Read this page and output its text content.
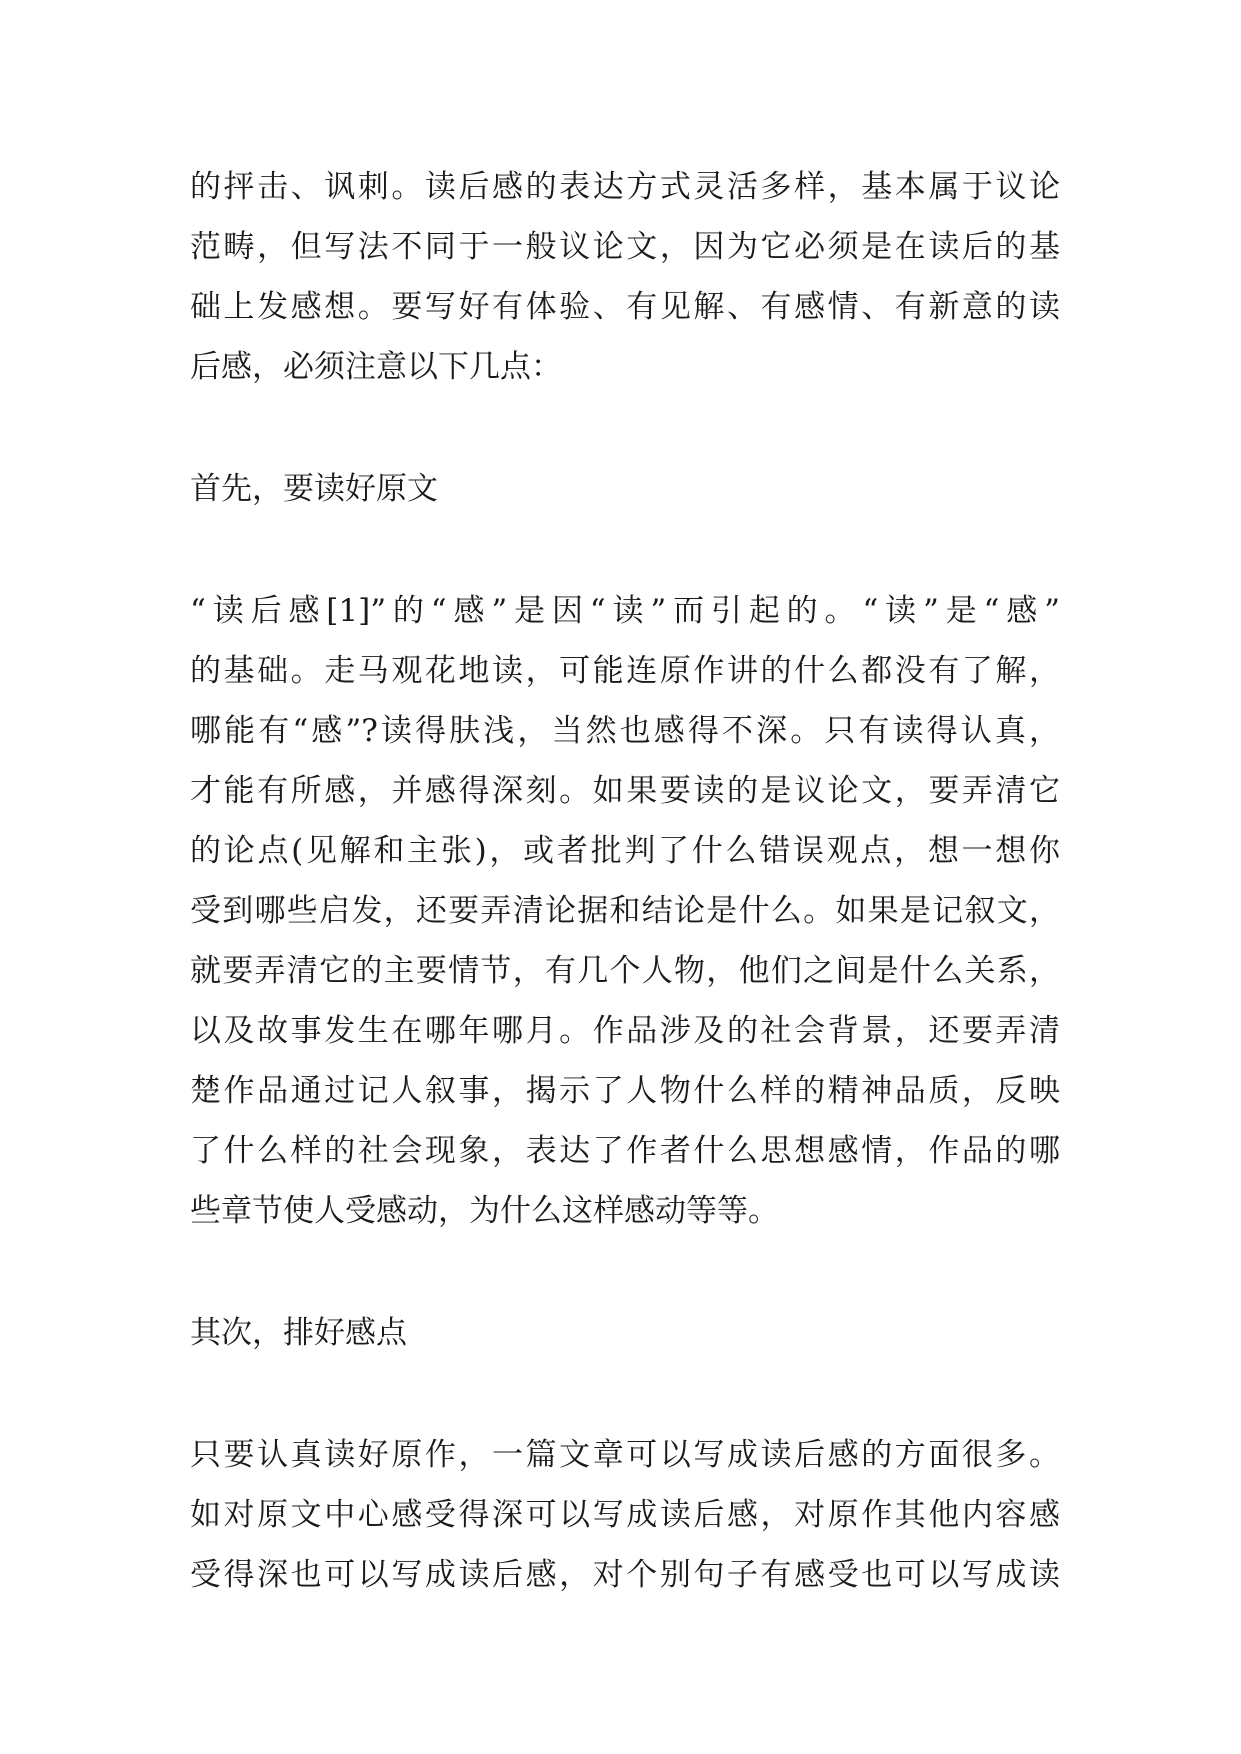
的抨击、讽刺。读后感的表达方式灵活多样，基本属于议论
范畴，但写法不同于一般议论文，因为它必须是在读后的基
础上发感想。要写好有体验、有见解、有感情、有新意的读
后感，必须注意以下几点：
首先，要读好原文
“读后感[1]”的“感”是因“读”而引起的。“读”是“感”
的基础。走马观花地读，可能连原作讲的什么都没有了解，
哪能有“感”?读得肤浅，当然也感得不深。只有读得认真，
才能有所感，并感得深刻。如果要读的是议论文，要弄清它
的论点(见解和主张)，或者批判了什么错误观点，想一想你
受到哪些启发，还要弄清论据和结论是什么。如果是记叙文，
就要弄清它的主要情节，有几个人物，他们之间是什么关系，
以及故事发生在哪年哪月。作品涉及的社会背景，还要弄清
楚作品通过记人叙事，揭示了人物什么样的精神品质，反映
了什么样的社会现象，表达了作者什么思想感情，作品的哪
些章节使人受感动，为什么这样感动等等。
其次，排好感点
只要认真读好原作，一篇文章可以写成读后感的方面很多。
如对原文中心感受得深可以写成读后感，对原作其他内容感
受得深也可以写成读后感，对个别句子有感受也可以写成读
